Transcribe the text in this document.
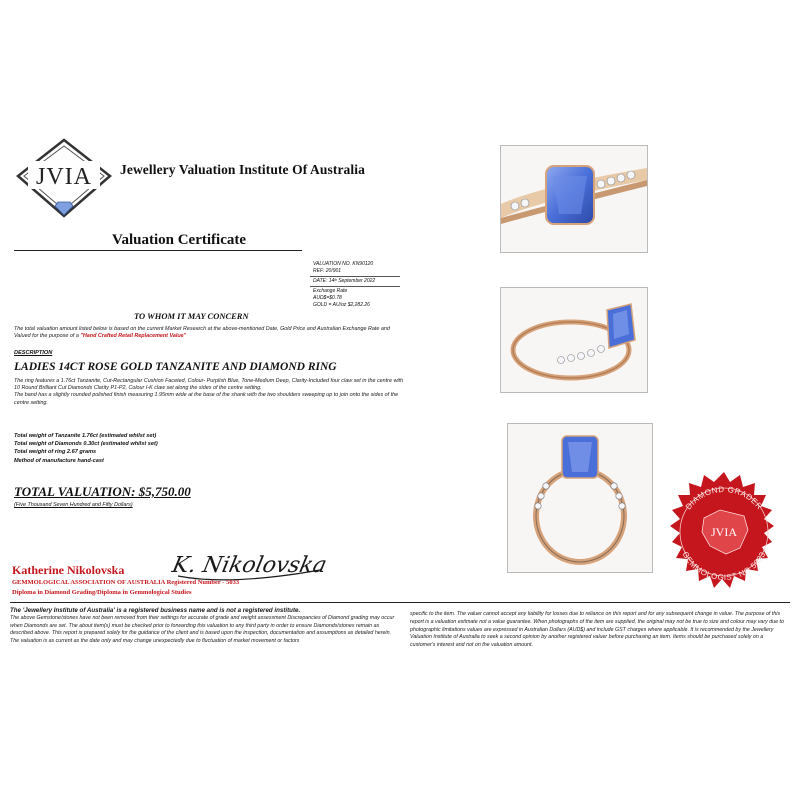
JVIA Jewellery Valuation Institute Of Australia
Valuation Certificate
VALUATION NO. KN90120
REF: 20/901
DATE: 14ᵗʰ September 2022
Exchange Rate
AUD$=$0.78
GOLD = AU/oz $2,282.26
TO WHOM IT MAY CONCERN
The total valuation amount listed below is based on the current Market Research at the above-mentioned Date, Gold Price and Australian Exchange Rate and Valued for the purpose of a "Hand Crafted Retail Replacement Value"
DESCRIPTION
LADIES 14CT ROSE GOLD TANZANITE AND DIAMOND RING
The ring features a 1.76ct Tanzanite, Cut-Rectangular Cushion Faceted, Colour- Purplish Blue, Tone-Medium Deep, Clarity-Included four claw set in the centre with 10 Round Brilliant Cut Diamonds Clarity P1-P2, Colour I-K claw set along the sides of the centre setting.
The band has a slightly rounded polished finish measuring 1.95mm wide at the base of the shank with the two shoulders sweeping up to join onto the sides of the centre setting.
Total weight of Tanzanite 1.76ct (estimated whilst set)
Total weight of Diamonds 0.30ct (estimated whilst set)
Total weight of ring 2.67 grams
Method of manufacture hand-cast
TOTAL VALUATION: $5,750.00
(Five Thousand Seven Hundred and Fifty Dollars)
Katherine Nikolovska K. Nikolovska
GEMMOLOGICAL ASSOCIATION OF AUSTRALIA Registered Number - 5033
Diploma in Diamond Grading/Diploma in Gemmological Studies
The 'Jewellery Institute of Australia' is a registered business name and is not a registered institute.
The above Gemstone/stones have not been removed from their settings for accurate of grade and weight assessment Discrepancies of Diamond grading may occur when Diamonds are set. The about item(s) must be checked prior to forwarding this valuation to any third party in order to ensure Diamonds/stones remain as described above. This report is prepared solely for the guidance of the client and is based upon the inspection, documentation and assumptions as detailed herein. The valuation is as current as the date only and may change unexpectedly due to fluctuation of market movement or factors
specific to the item. The valuer cannot accept any liability for losses due to reliance on this report and for any subsequent change in value. The purpose of this report is a valuation estimate not a value guarantee. When photographs of the item are supplied, the original may not be true to size and colour may vary due to photographic limitations values are expressed in Australian Dollars (AUD$) and include GST charges where applicable. It is recommended by the Jewellery Valuation Institute of Australia to seek a second opinion by another registered valuer before purchasing an item. Items should be purchased solely on a customer's interest and not on the valuation amount.
DIAMOND GRADER
GEMMOLOGIST NO 5033
JVIA
